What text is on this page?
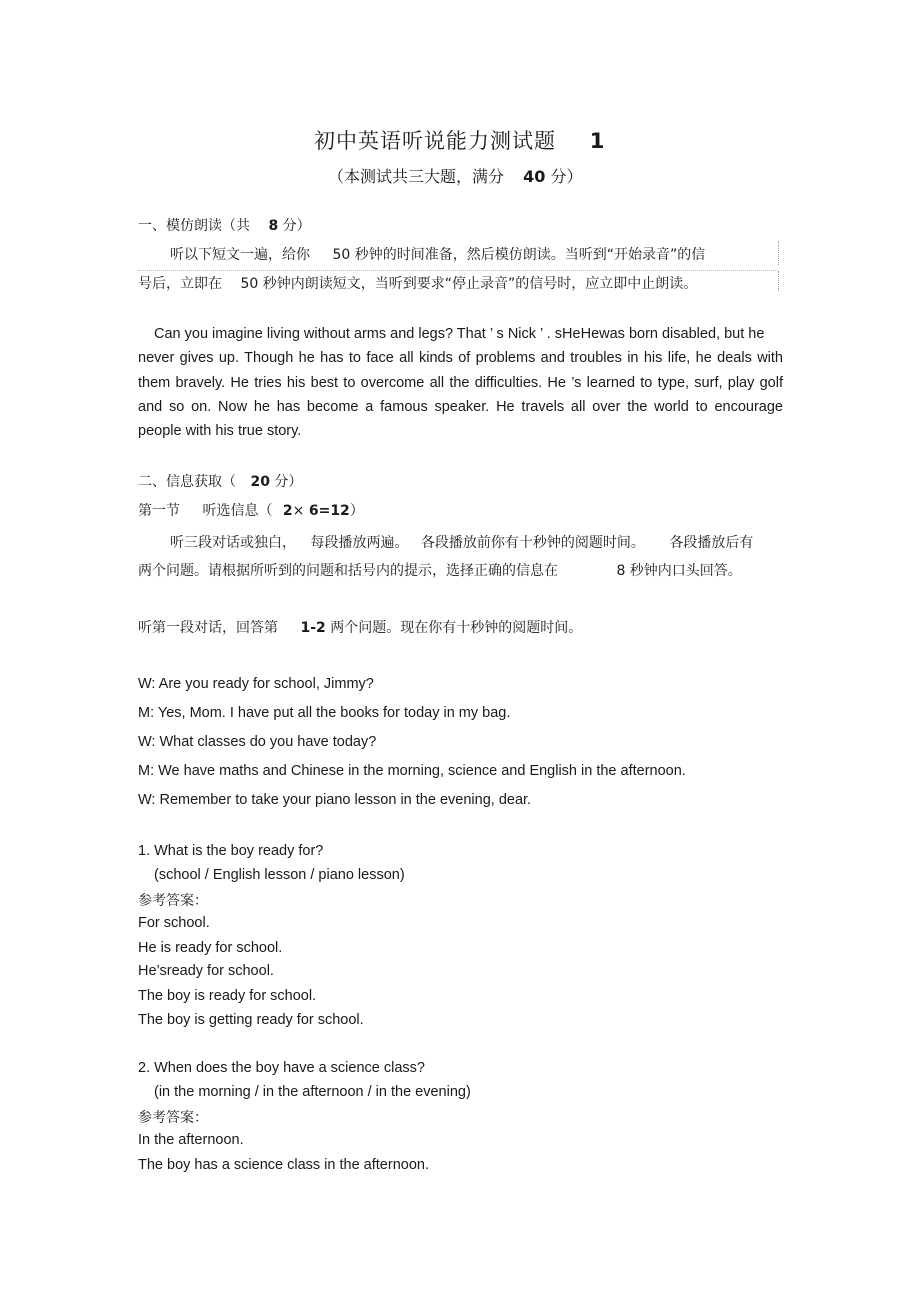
初中英语听说能力测试题 1
（本测试共三大题，满分 40 分）
一、模仿朗读（共 8 分）
听以下短文一遍，给你 50 秒钟的时间准备，然后模仿朗读。当听到“开始录音”的信
号后，立即在 50 秒钟内朗读短文，当听到要求“停止录音”的信号时，应立即中止朗读。
Can you imagine living without arms and legs? That ’ s Nick ’ . sHeHewas born disabled, but he
never gives up. Though he has to face all kinds of problems and troubles in his life, he deals with
them bravely. He tries his best to overcome all the difficulties. He ’s learned to type, surf, play golf
and so on. Now he has become a famous speaker. He travels all over the world to encourage
people with his true story.
二、信息获取（ 20 分）
第一节 听选信息（ 2× 6=12）
听三段对话或独白， 每段播放两遍。 各段播放前你有十秒钟的阅题时间。 各段播放后有
两个问题。请根据所听到的问题和括号内的提示，选择正确的信息在	8 秒钟内口头回答。
听第一段对话，回答第 1-2 两个问题。现在你有十秒钟的阅题时间。
W: Are you ready for school, Jimmy?
M: Yes, Mom. I have put all the books for today in my bag.
W: What classes do you have today?
M: We have maths and Chinese in the morning, science and English in the afternoon.
W: Remember to take your piano lesson in the evening, dear.
1. What is the boy ready for?
(school / English lesson / piano lesson)
参考答案：
For school.
He is ready for school.
He’sready for school.
The boy is ready for school.
The boy is getting ready for school.
2. When does the boy have a science class?
(in the morning / in the afternoon / in the evening)
参考答案：
In the afternoon.
The boy has a science class in the afternoon.
